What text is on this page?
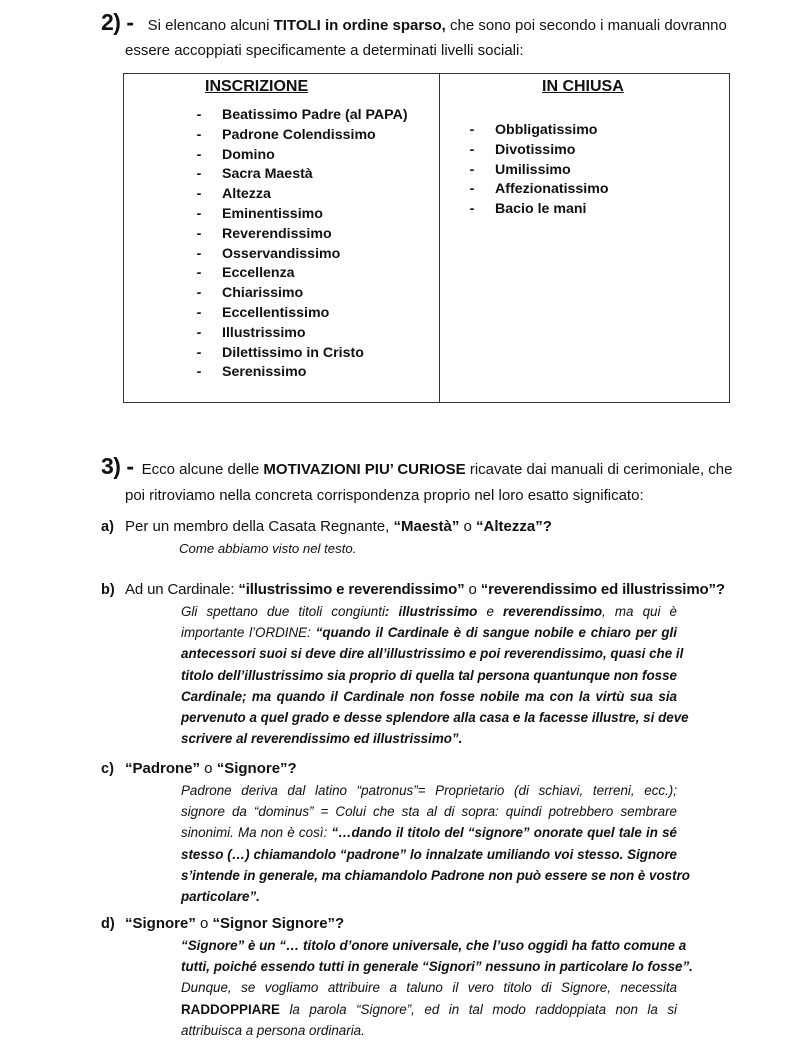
2) - Si elencano alcuni TITOLI in ordine sparso, che sono poi secondo i manuali dovranno
essere accoppiati specificamente a determinati livelli sociali:
INSCRIZIONE
- Beatissimo Padre (al PAPA)
- Padrone Colendissimo
- Domino
- Sacra Maestà
- Altezza
- Eminentissimo
- Reverendissimo
- Osservandissimo
- Eccellenza
- Chiarissimo
- Eccellentissimo
- Illustrissimo
- Dilettissimo in Cristo
- Serenissimo
IN CHIUSA
- Obbligatissimo
- Divotissimo
- Umilissimo
- Affezionatissimo
- Bacio le mani
3) - Ecco alcune delle MOTIVAZIONI PIU’ CURIOSE ricavate dai manuali di cerimoniale, che
poi ritroviamo nella concreta corrispondenza proprio nel loro esatto significato:
a) Per un membro della Casata Regnante, “Maestà” o “Altezza”?
Come abbiamo visto nel testo.
b) Ad un Cardinale: “illustrissimo e reverendissimo” o “reverendissimo ed illustrissimo”?
Gli spettano due titoli congiunti: illustrissimo e reverendissimo, ma qui è
importante l’ORDINE: “quando il Cardinale è di sangue nobile e chiaro per gli
antecessori suoi si deve dire all’illustrissimo e poi reverendissimo, quasi che il
titolo dell’illustrissimo sia proprio di quella tal persona quantunque non fosse
Cardinale; ma quando il Cardinale non fosse nobile ma con la virtù sua sia
pervenuto a quel grado e desse splendore alla casa e la facesse illustre, si deve
scrivere al reverendissimo ed illustrissimo”.
c) “Padrone” o “Signore”?
Padrone deriva dal latino “patronus”= Proprietario (di schiavi, terreni, ecc.);
signore da “dominus” = Colui che sta al di sopra: quindi potrebbero sembrare
sinonimi. Ma non è così: “…dando il titolo del “signore” onorate quel tale in sé
stesso (…) chiamandolo “padrone” lo innalzate umiliando voi stesso. Signore
s’intende in generale, ma chiamandolo Padrone non può essere se non è vostro
particolare”.
d) “Signore” o “Signor Signore”?
“Signore” è un “… titolo d’onore universale, che l’uso oggidì ha fatto comune a
tutti, poiché essendo tutti in generale “Signori” nessuno in particolare lo fosse”.
Dunque, se vogliamo attribuire a taluno il vero titolo di Signore, necessita
RADDOPPIARE la parola “Signore”, ed in tal modo raddoppiata non la si
attribuisca a persona ordinaria.
